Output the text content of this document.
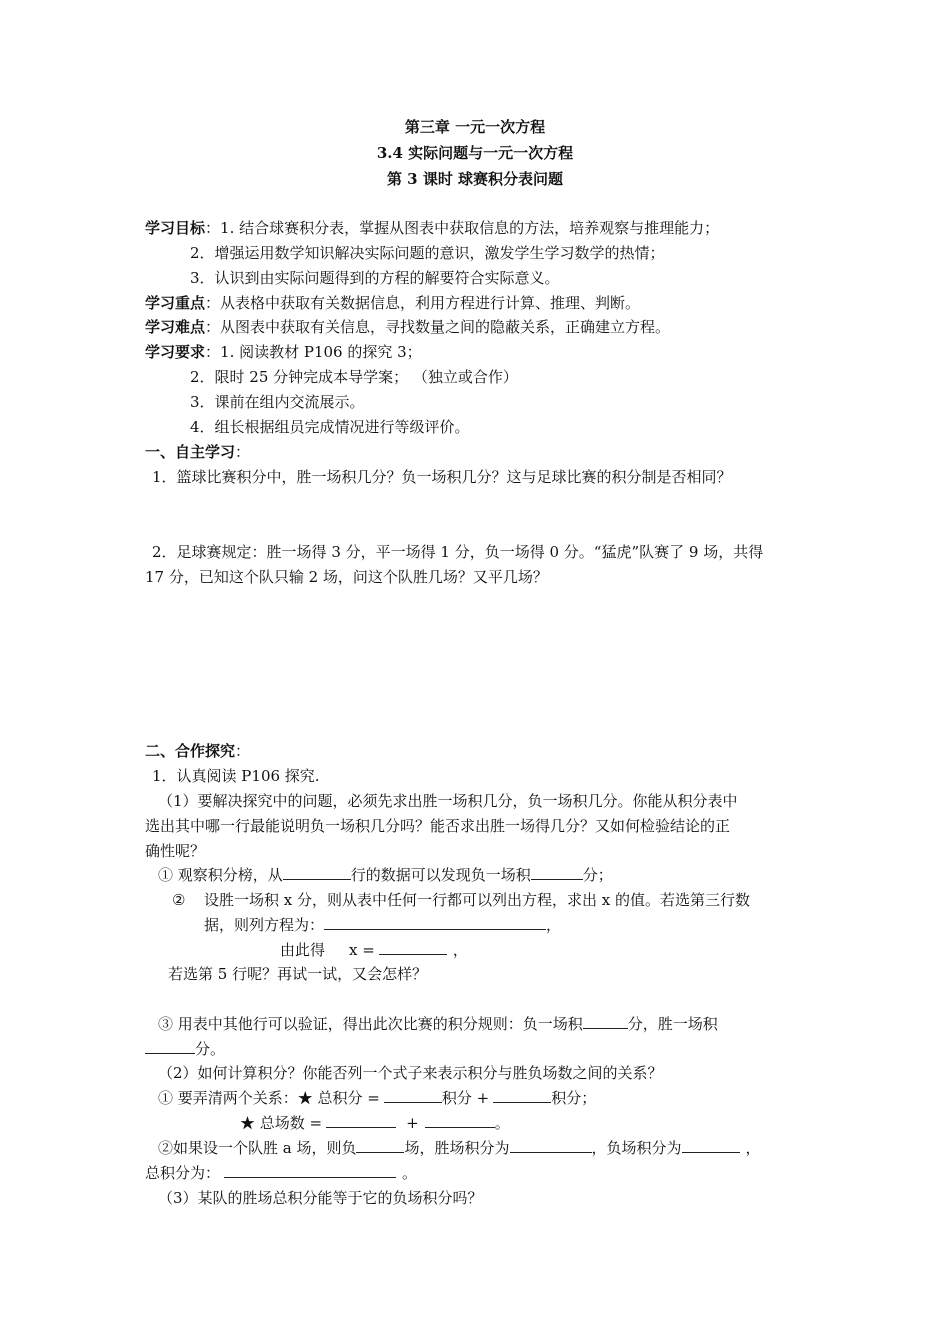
第三章 一元一次方程
3.4 实际问题与一元一次方程
第 3 课时 球赛积分表问题
学习目标：1. 结合球赛积分表，掌握从图表中获取信息的方法，培养观察与推理能力；
2．增强运用数学知识解决实际问题的意识，激发学生学习数学的热情；
3．认识到由实际问题得到的方程的解要符合实际意义。
学习重点：从表格中获取有关数据信息，利用方程进行计算、推理、判断。
学习难点：从图表中获取有关信息，寻找数量之间的隐蔽关系，正确建立方程。
学习要求：1. 阅读教材 P106 的探究 3；
2．限时 25 分钟完成本导学案； （独立或合作）
3．课前在组内交流展示。
4．组长根据组员完成情况进行等级评价。
一、自主学习：
1．篮球比赛积分中，胜一场积几分？负一场积几分？这与足球比赛的积分制是否相同？
2．足球赛规定：胜一场得 3 分，平一场得 1 分，负一场得 0 分。“猛虎”队赛了 9 场，共得
17 分，已知这个队只输 2 场，问这个队胜几场？又平几场？
二、合作探究：
1．认真阅读 P106 探究.
（1）要解决探究中的问题，必须先求出胜一场积几分，负一场积几分。你能从积分表中
选出其中哪一行最能说明负一场积几分吗？能否求出胜一场得几分？又如何检验结论的正
确性呢？
① 观察积分榜，从	行的数据可以发现负一场积	分；
② 设胜一场积 x 分，则从表中任何一行都可以列出方程，求出 x 的值。若选第三行数
据，则列方程为：	，
由此得 x =	，
若选第 5 行呢？再试一试，又会怎样？
③ 用表中其他行可以验证，得出此次比赛的积分规则：负一场积	分，胜一场积
分。
（2）如何计算积分？你能否列一个式子来表示积分与胜负场数之间的关系？
① 要弄清两个关系：★ 总积分 =	积分 +	积分；
★ 总场数 =	+	。
②如果设一个队胜 a 场，则负	场，胜场积分为	，负场积分为	，
总积分为：	。
（3）某队的胜场总积分能等于它的负场积分吗？
